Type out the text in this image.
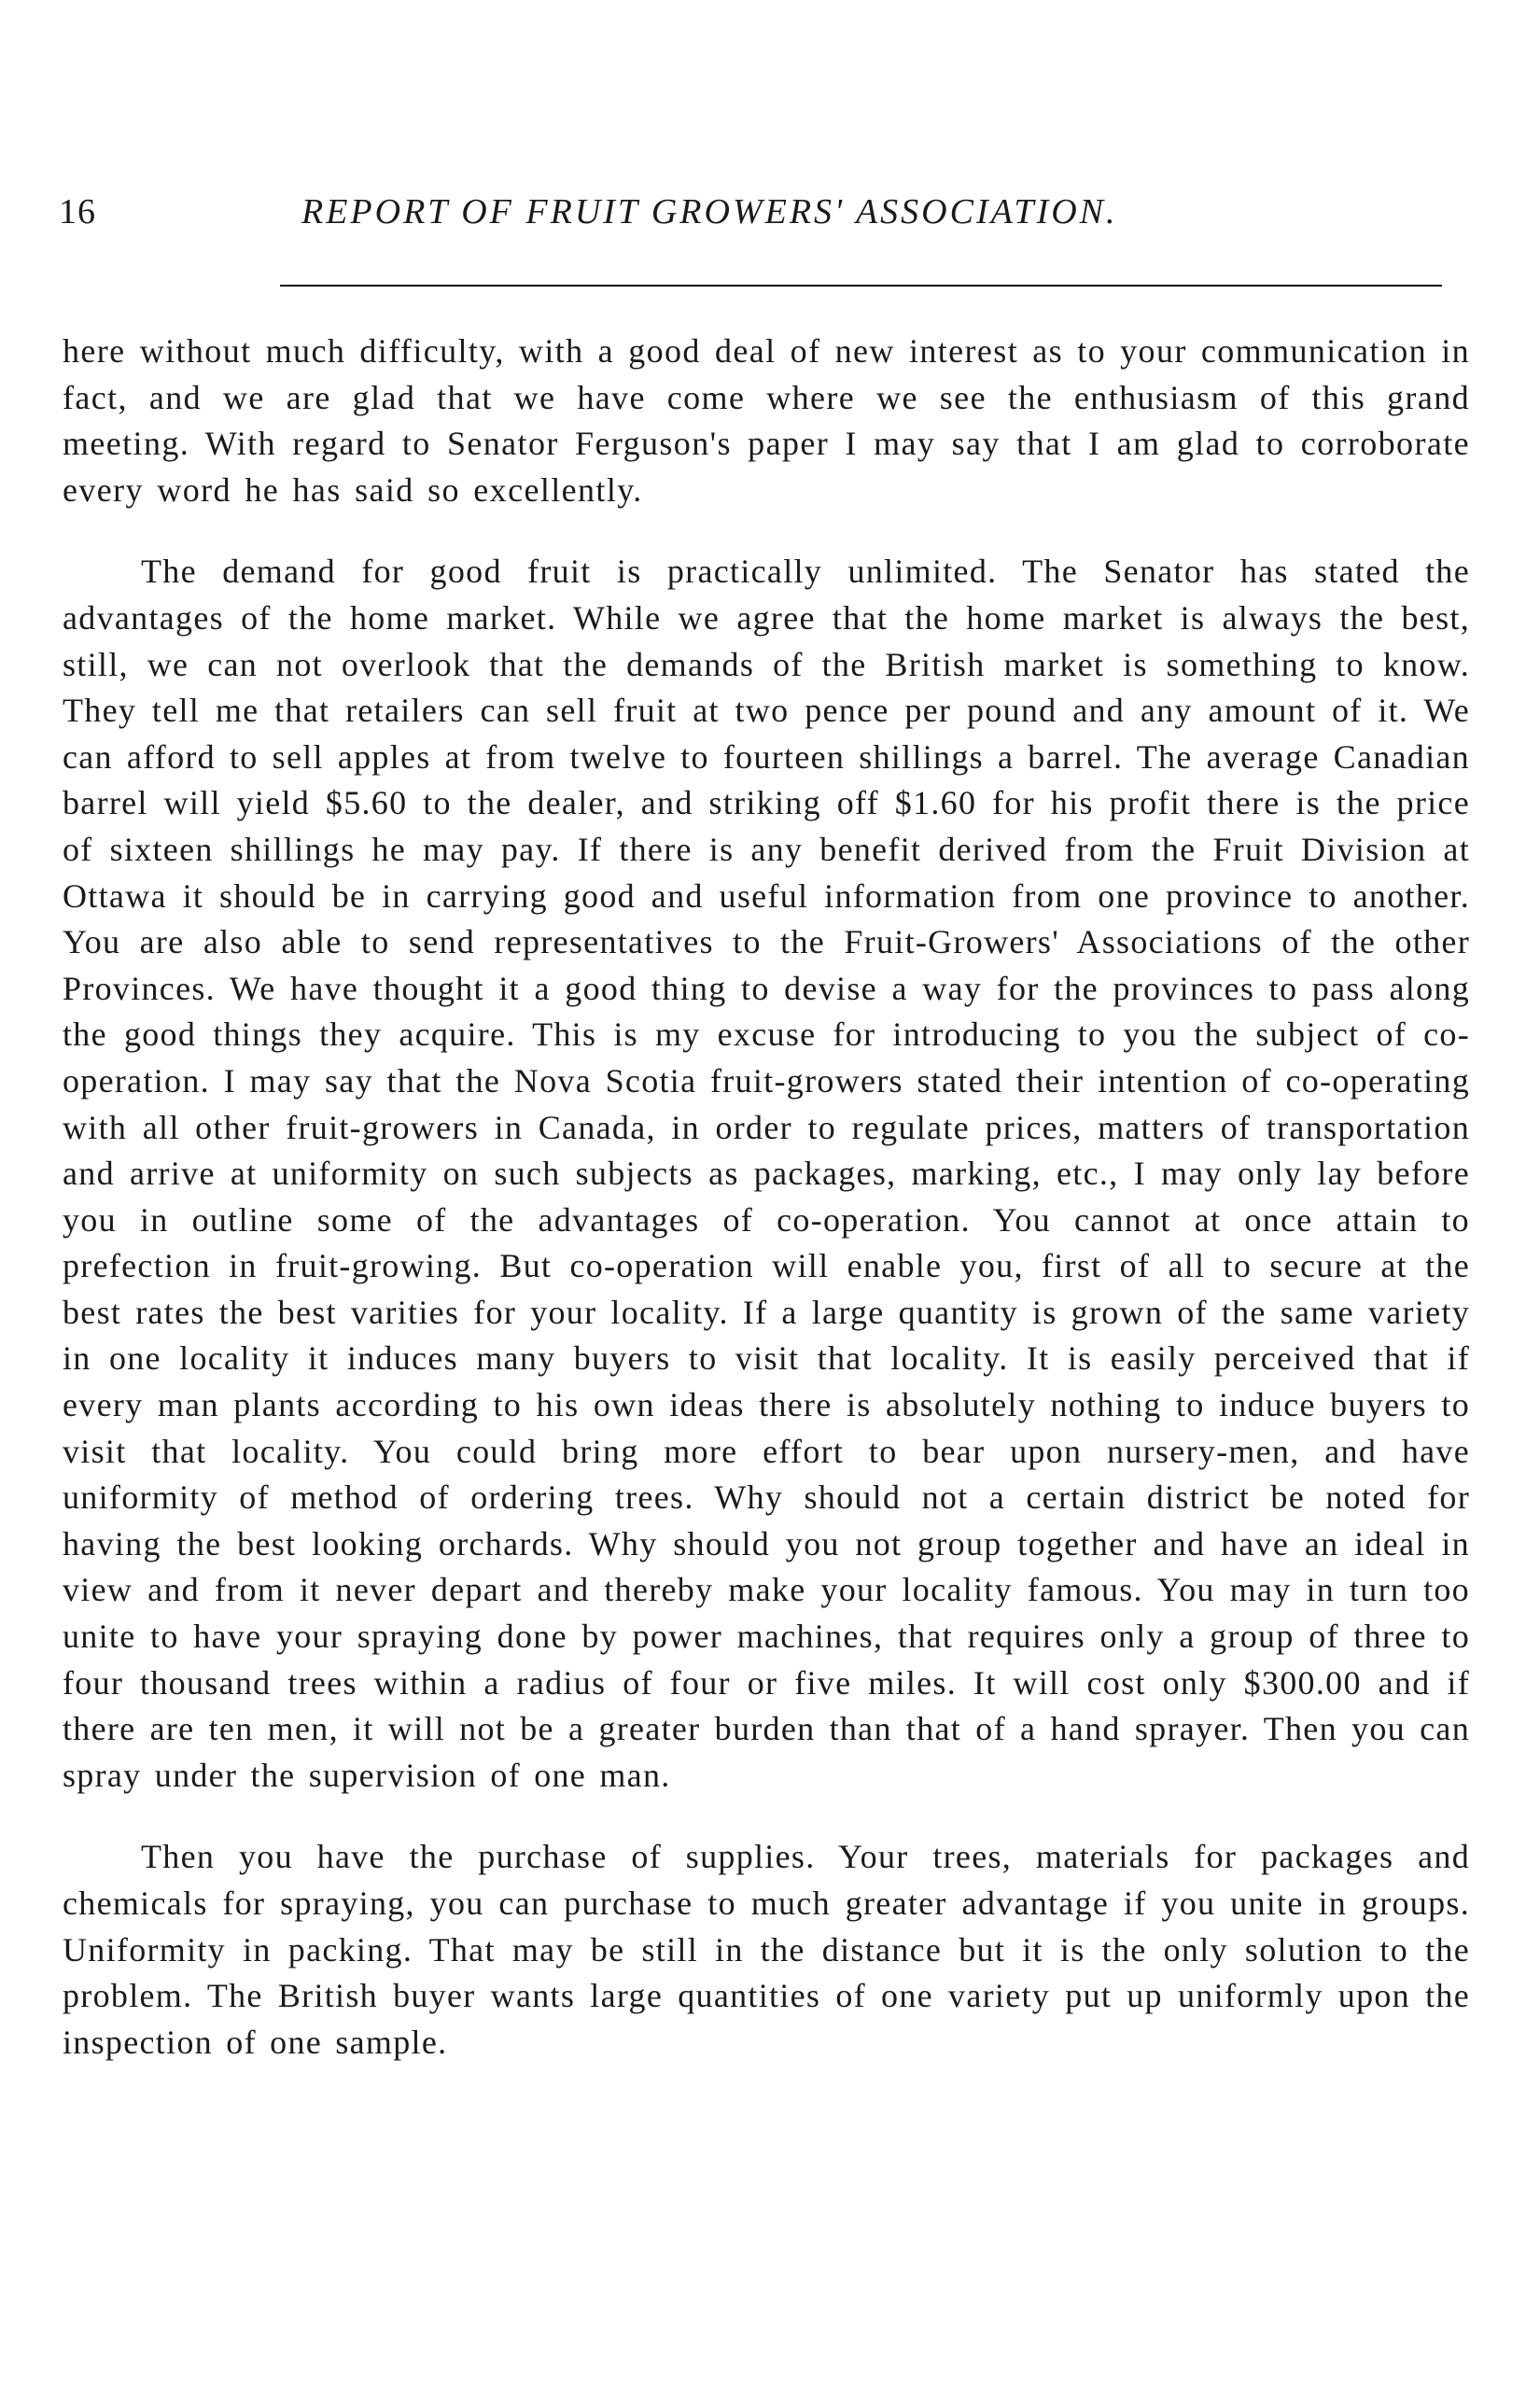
16	REPORT OF FRUIT GROWERS' ASSOCIATION.

here without much difficulty, with a good deal of new interest as to your communication in fact, and we are glad that we have come where we see the enthusiasm of this grand meeting. With regard to Senator Ferguson's paper I may say that I am glad to corroborate every word he has said so excellently.

The demand for good fruit is practically unlimited. The Senator has stated the advantages of the home market. While we agree that the home market is always the best, still, we can not overlook that the demands of the British market is something to know. They tell me that retailers can sell fruit at two pence per pound and any amount of it. We can afford to sell apples at from twelve to fourteen shillings a barrel. The average Canadian barrel will yield $5.60 to the dealer, and striking off $1.60 for his profit there is the price of sixteen shillings he may pay. If there is any benefit derived from the Fruit Division at Ottawa it should be in carrying good and useful information from one province to another. You are also able to send representatives to the Fruit-Growers' Associations of the other Provinces. We have thought it a good thing to devise a way for the provinces to pass along the good things they acquire. This is my excuse for introducing to you the subject of co-operation. I may say that the Nova Scotia fruit-growers stated their intention of co-operating with all other fruit-growers in Canada, in order to regulate prices, matters of transportation and arrive at uniformity on such subjects as packages, marking, etc., I may only lay before you in outline some of the advantages of co-operation. You cannot at once attain to prefection in fruit-growing. But co-operation will enable you, first of all to secure at the best rates the best varities for your locality. If a large quantity is grown of the same variety in one locality it induces many buyers to visit that locality. It is easily perceived that if every man plants according to his own ideas there is absolutely nothing to induce buyers to visit that locality. You could bring more effort to bear upon nursery-men, and have uniformity of method of ordering trees. Why should not a certain district be noted for having the best looking orchards. Why should you not group together and have an ideal in view and from it never depart and thereby make your locality famous. You may in turn too unite to have your spraying done by power machines, that requires only a group of three to four thousand trees within a radius of four or five miles. It will cost only $300.00 and if there are ten men, it will not be a greater burden than that of a hand sprayer. Then you can spray under the supervision of one man.

Then you have the purchase of supplies. Your trees, materials for packages and chemicals for spraying, you can purchase to much greater advantage if you unite in groups. Uniformity in packing. That may be still in the distance but it is the only solution to the problem. The British buyer wants large quantities of one variety put up uniformly upon the inspection of one sample.
